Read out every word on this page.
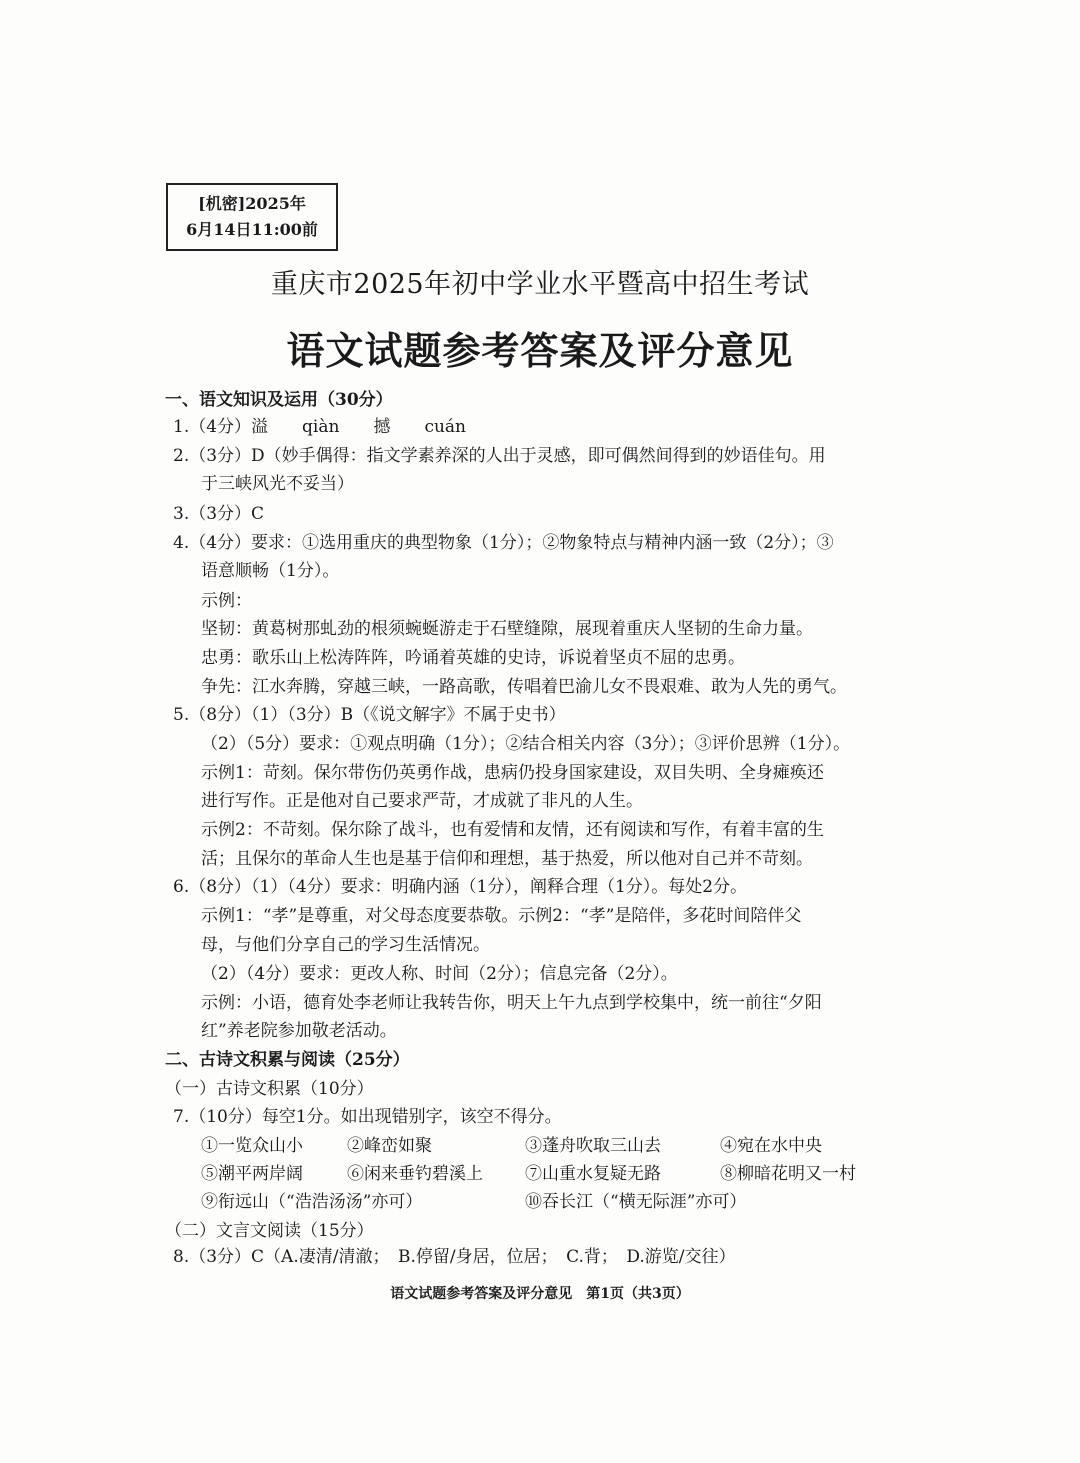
[机密]2025年
6月14日11:00前
重庆市2025年初中学业水平暨高中招生考试
语文试题参考答案及评分意见
一、语文知识及运用（30分）
1.（4分）溢　　qiàn　　撼　　cuán
2.（3分）D（妙手偶得：指文学素养深的人出于灵感，即可偶然间得到的妙语佳句。用
于三峡风光不妥当）
3.（3分）C
4.（4分）要求：①选用重庆的典型物象（1分）；②物象特点与精神内涵一致（2分）；③
语意顺畅（1分）。
示例：
坚韧：黄葛树那虬劲的根须蜿蜒游走于石壁缝隙，展现着重庆人坚韧的生命力量。
忠勇：歌乐山上松涛阵阵，吟诵着英雄的史诗，诉说着坚贞不屈的忠勇。
争先：江水奔腾，穿越三峡，一路高歌，传唱着巴渝儿女不畏艰难、敢为人先的勇气。
5.（8分）（1）（3分）B（《说文解字》不属于史书）
（2）（5分）要求：①观点明确（1分）；②结合相关内容（3分）；③评价思辨（1分）。
示例1：苛刻。保尔带伤仍英勇作战，患病仍投身国家建设，双目失明、全身瘫痪还
进行写作。正是他对自己要求严苛，才成就了非凡的人生。
示例2：不苛刻。保尔除了战斗，也有爱情和友情，还有阅读和写作，有着丰富的生
活；且保尔的革命人生也是基于信仰和理想，基于热爱，所以他对自己并不苛刻。
6.（8分）（1）（4分）要求：明确内涵（1分），阐释合理（1分）。每处2分。
示例1：“孝”是尊重，对父母态度要恭敬。示例2：“孝”是陪伴，多花时间陪伴父
母，与他们分享自己的学习生活情况。
（2）（4分）要求：更改人称、时间（2分）；信息完备（2分）。
示例：小语，德育处李老师让我转告你，明天上午九点到学校集中，统一前往“夕阳
红”养老院参加敬老活动。
二、古诗文积累与阅读（25分）
（一）古诗文积累（10分）
7.（10分）每空1分。如出现错别字，该空不得分。
①一览众山小	②峰峦如聚	③蓬舟吹取三山去	④宛在水中央
⑤潮平两岸阔	⑥闲来垂钓碧溪上 ⑦山重水复疑无路	⑧柳暗花明又一村
⑨衔远山（“浩浩汤汤”亦可）	⑩吞长江（“横无际涯”亦可）
（二）文言文阅读（15分）
8.（3分）C（A.凄清/清澈；　B.停留/身居，位居；　C.背；　D.游览/交往）
语文试题参考答案及评分意见　第1页（共3页）
